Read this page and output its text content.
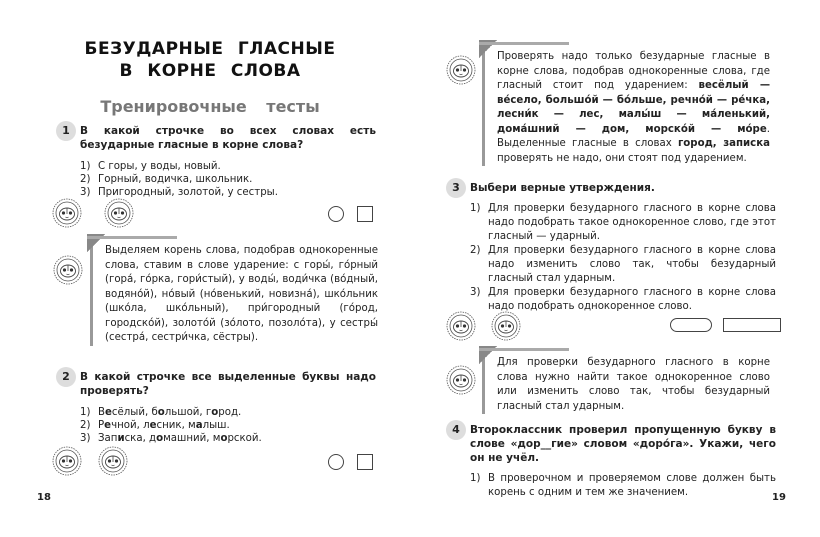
БЕЗУДАРНЫЕ ГЛАСНЫЕ
В КОРНЕ СЛОВА
Тренировочные тесты
1 В какой строчке во всех словах есть безударные гласные в корне слова?
1) С горы, у воды, новый.
2) Горный, водичка, школьник.
3) Пригородный, золотой, у сестры.
Выделяем корень слова, подобрав однокоренные слова, ставим в слове ударение: с горы́, го́рный (гора́, го́рка, гори́стый), у воды́, води́чка (во́дный, водяно́й), но́вый (но́венький, новизна́), шко́льник (шко́ла, шко́льный), при́городный (го́род, городско́й), золото́й (зо́лото, позоло́та), у сестры́ (сестра́, сестри́чка, сёстры).
2 В какой строчке все выделенные буквы надо проверять?
1) Весёлый, большой, город.
2) Речной, лесник, малыш.
3) Записка, домашний, морской.
18
Проверять надо только безударные гласные в корне слова, подобрав однокоренные слова, где гласный стоит под ударением: весёлый — ве́село, большо́й — бо́льше, речно́й — ре́чка, лесни́к — лес, малы́ш — ма́ленький, дома́шний — дом, морско́й — мо́ре. Выделенные гласные в словах город, записка проверять не надо, они стоят под ударением.
3 Выбери верные утверждения.
1) Для проверки безударного гласного в корне слова надо подобрать такое однокоренное слово, где этот гласный — ударный.
2) Для проверки безударного гласного в корне слова надо изменить слово так, чтобы безударный гласный стал ударным.
3) Для проверки безударного гласного в корне слова надо подобрать однокоренное слово.
Для проверки безударного гласного в корне слова нужно найти такое однокоренное слово или изменить слово так, чтобы безударный гласный стал ударным.
4 Второклассник проверил пропущенную букву в слове «дор__гие» словом «доро́га». Укажи, чего он не учёл.
1) В проверочном и проверяемом слове должен быть корень с одним и тем же значением.	19
